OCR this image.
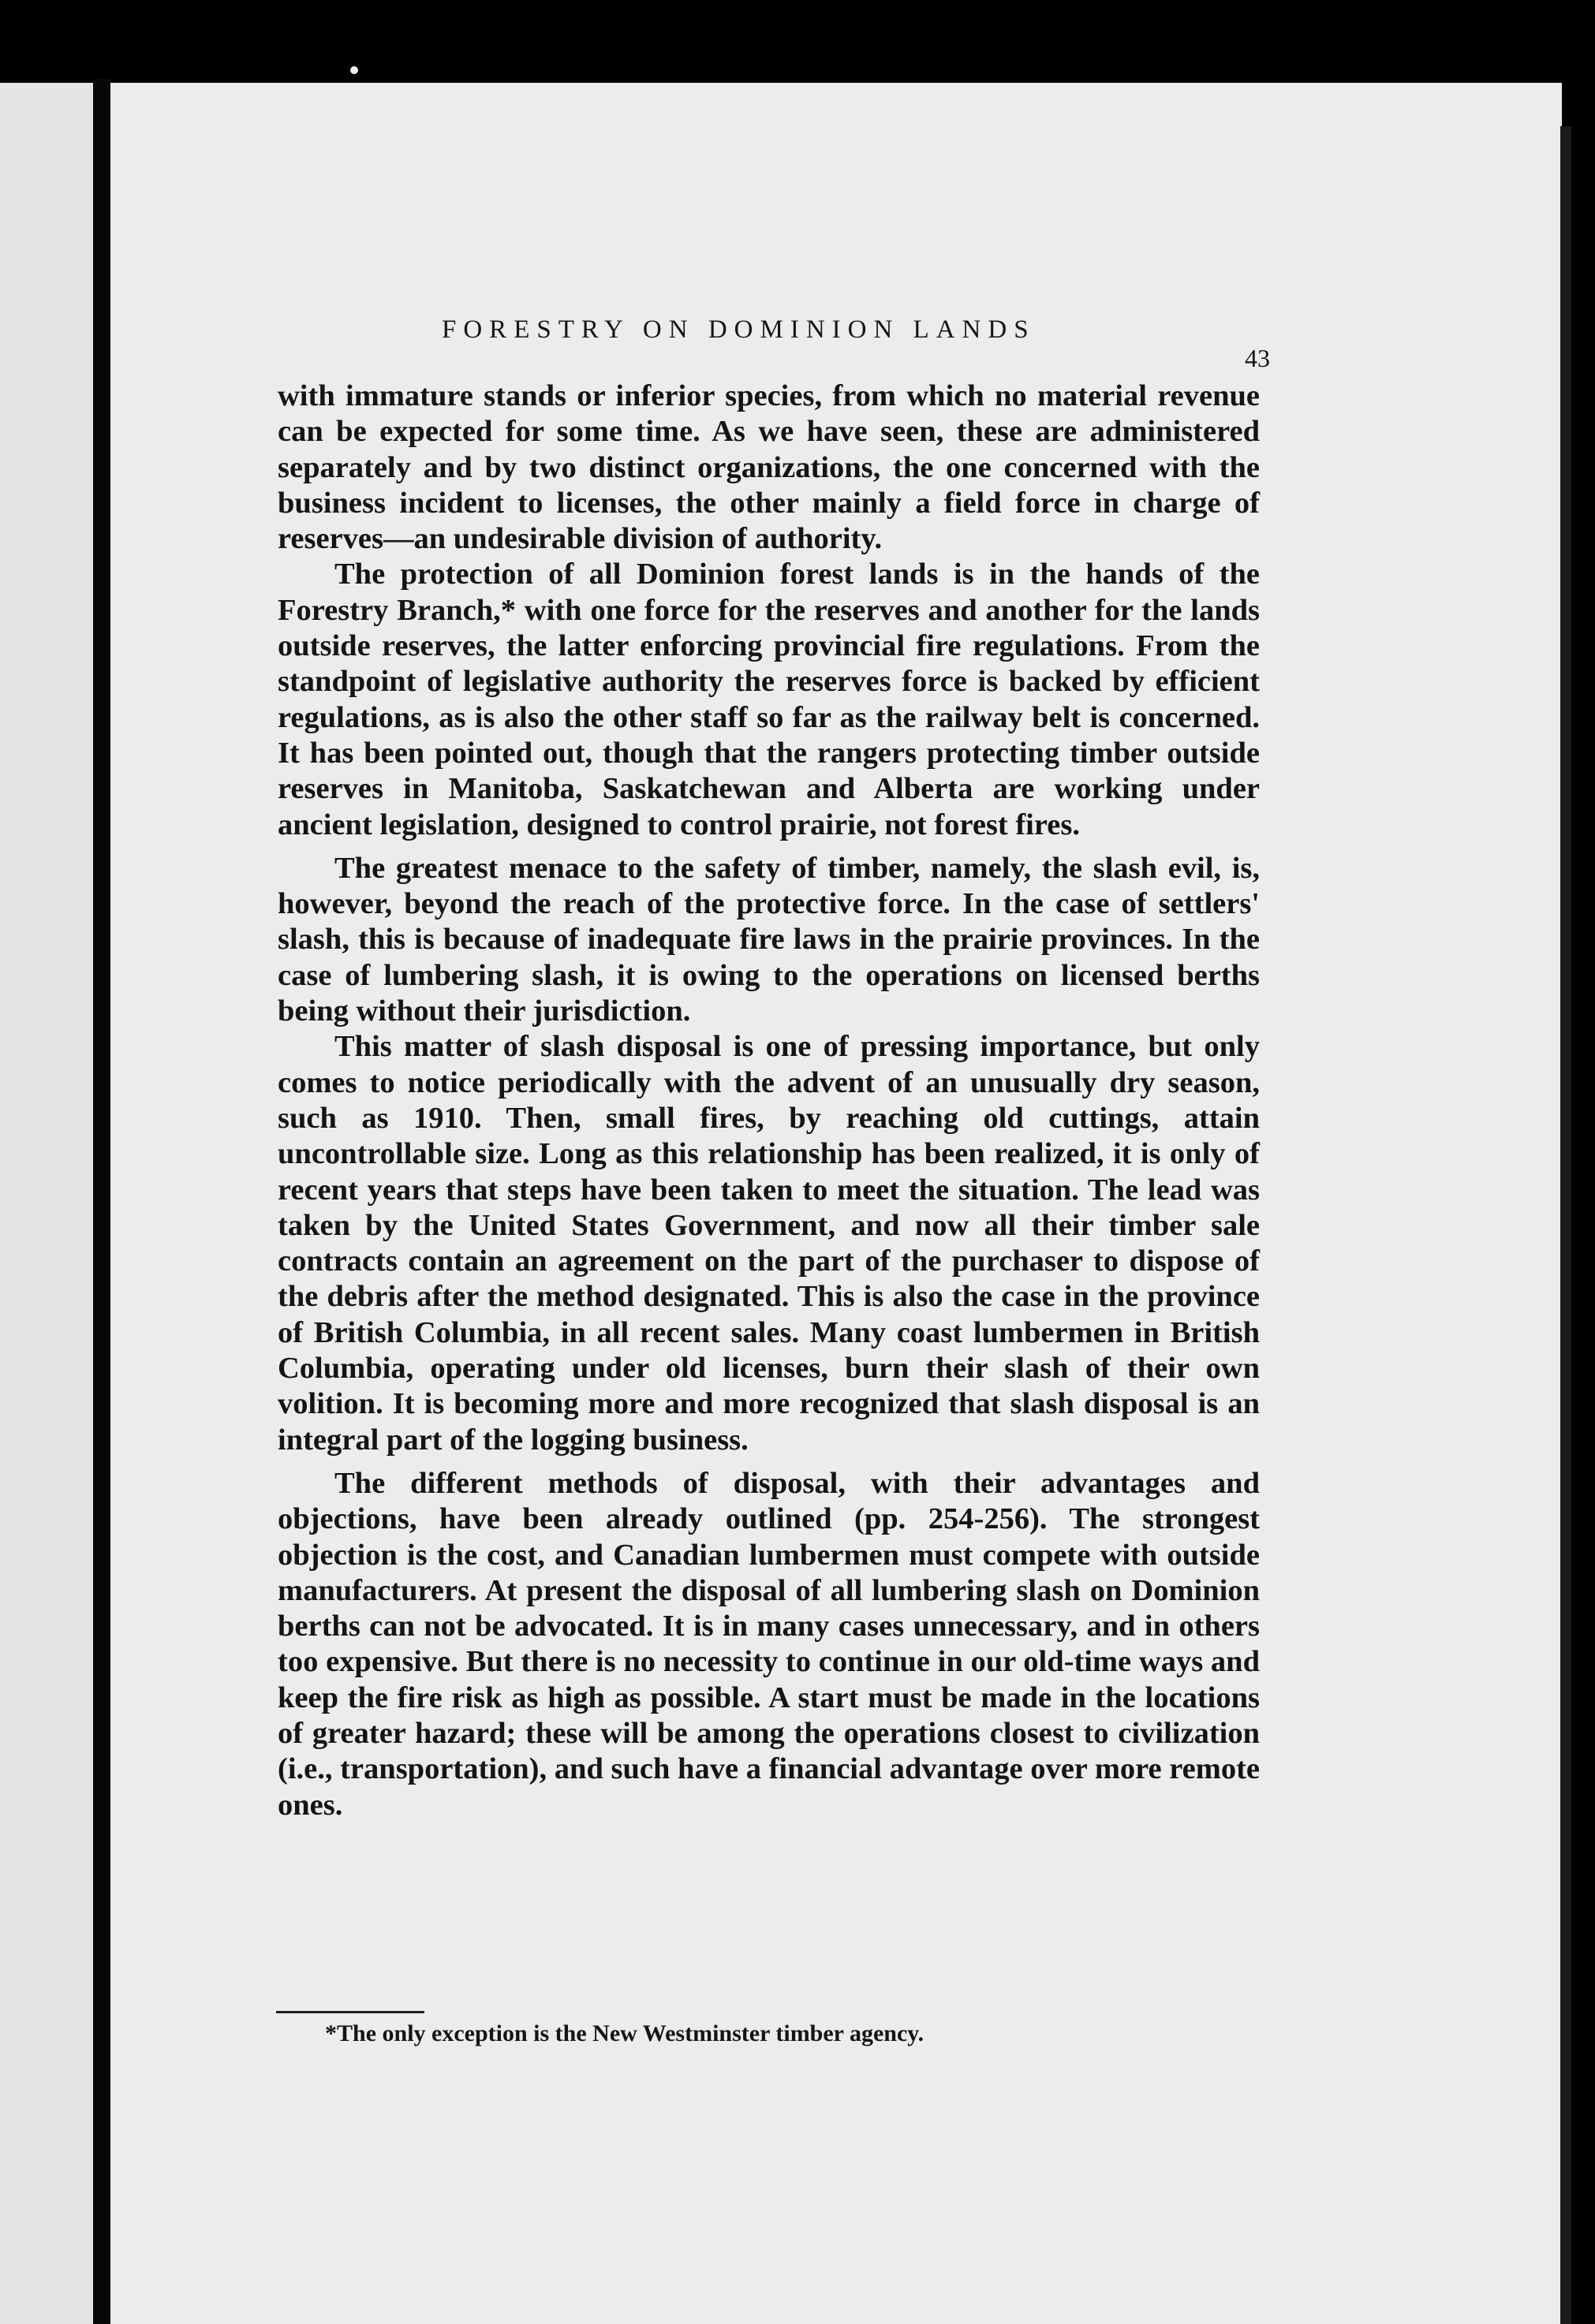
FORESTRY ON DOMINION LANDS
43

with immature stands or inferior species, from which no material revenue can be expected for some time. As we have seen, these are administered separately and by two distinct organizations, the one concerned with the business incident to licenses, the other mainly a field force in charge of reserves—an undesirable division of authority.

The protection of all Dominion forest lands is in the hands of the Forestry Branch,* with one force for the reserves and another for the lands outside reserves, the latter enforcing provincial fire regulations. From the standpoint of legislative authority the reserves force is backed by efficient regulations, as is also the other staff so far as the railway belt is concerned. It has been pointed out, though that the rangers protecting timber outside reserves in Manitoba, Saskatchewan and Alberta are working under ancient legislation, designed to control prairie, not forest fires.

The greatest menace to the safety of timber, namely, the slash evil, is, however, beyond the reach of the protective force. In the case of settlers' slash, this is because of inadequate fire laws in the prairie provinces. In the case of lumbering slash, it is owing to the operations on licensed berths being without their jurisdiction.

This matter of slash disposal is one of pressing importance, but only comes to notice periodically with the advent of an unusually dry season, such as 1910. Then, small fires, by reaching old cuttings, attain uncontrollable size. Long as this relationship has been realized, it is only of recent years that steps have been taken to meet the situation. The lead was taken by the United States Government, and now all their timber sale contracts contain an agreement on the part of the purchaser to dispose of the debris after the method designated. This is also the case in the province of British Columbia, in all recent sales. Many coast lumbermen in British Columbia, operating under old licenses, burn their slash of their own volition. It is becoming more and more recognized that slash disposal is an integral part of the logging business.

The different methods of disposal, with their advantages and objections, have been already outlined (pp. 254-256). The strongest objection is the cost, and Canadian lumbermen must compete with outside manufacturers. At present the disposal of all lumbering slash on Dominion berths can not be advocated. It is in many cases unnecessary, and in others too expensive. But there is no necessity to continue in our old-time ways and keep the fire risk as high as possible. A start must be made in the locations of greater hazard; these will be among the operations closest to civilization (i.e., transportation), and such have a financial advantage over more remote ones.

*The only exception is the New Westminster timber agency.
